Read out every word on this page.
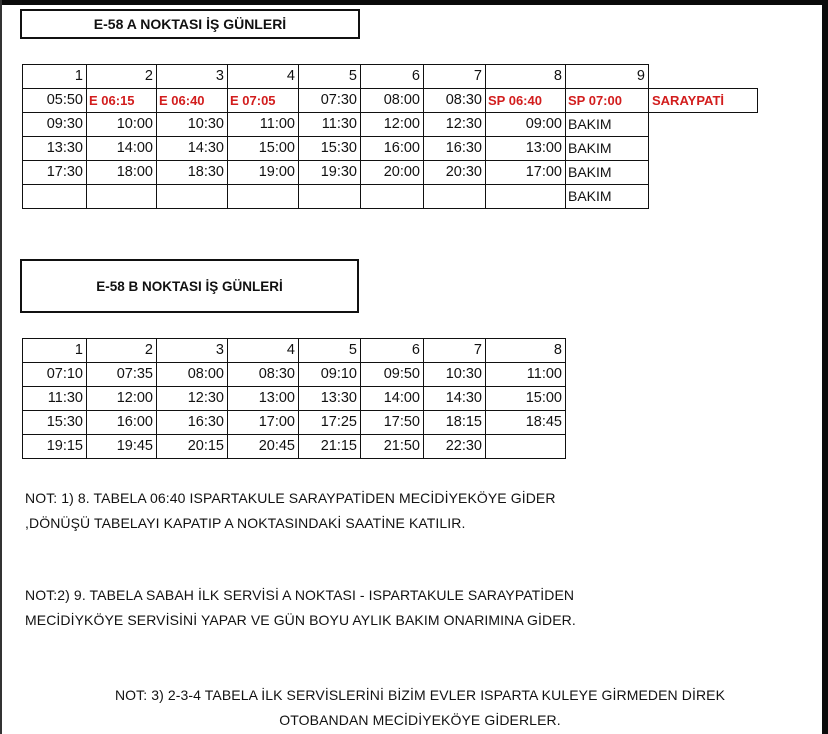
E-58 A NOKTASI İŞ GÜNLERİ
1	2	3	4	5	6	7	8	9	
05:50	E 06:15	E 06:40	E 07:05	07:30	08:00	08:30	SP 06:40	SP 07:00	SARAYPATİ
09:30	10:00	10:30	11:00	11:30	12:00	12:30	09:00	BAKIM	
13:30	14:00	14:30	15:00	15:30	16:00	16:30	13:00	BAKIM	
17:30	18:00	18:30	19:00	19:30	20:00	20:30	17:00	BAKIM	
								BAKIM	
E-58 B NOKTASI İŞ GÜNLERİ
1	2	3	4	5	6	7	8
07:10	07:35	08:00	08:30	09:10	09:50	10:30	11:00
11:30	12:00	12:30	13:00	13:30	14:00	14:30	15:00
15:30	16:00	16:30	17:00	17:25	17:50	18:15	18:45
19:15	19:45	20:15	20:45	21:15	21:50	22:30	
NOT: 1) 8. TABELA 06:40 ISPARTAKULE SARAYPATİDEN MECİDİYEKÖYE GİDER
,DÖNÜŞÜ TABELAYI KAPATIP A NOKTASINDAKİ SAATİNE KATILIR.
NOT:2) 9. TABELA SABAH İLK SERVİSİ A NOKTASI - ISPARTAKULE SARAYPATİDEN
MECİDİYKÖYE SERVİSİNİ YAPAR VE GÜN BOYU AYLIK BAKIM ONARIMINA GİDER.
NOT: 3) 2-3-4 TABELA İLK SERVİSLERİNİ BİZİM EVLER ISPARTA KULEYE GİRMEDEN DİREK
OTOBANDAN MECİDİYEKÖYE GİDERLER.
